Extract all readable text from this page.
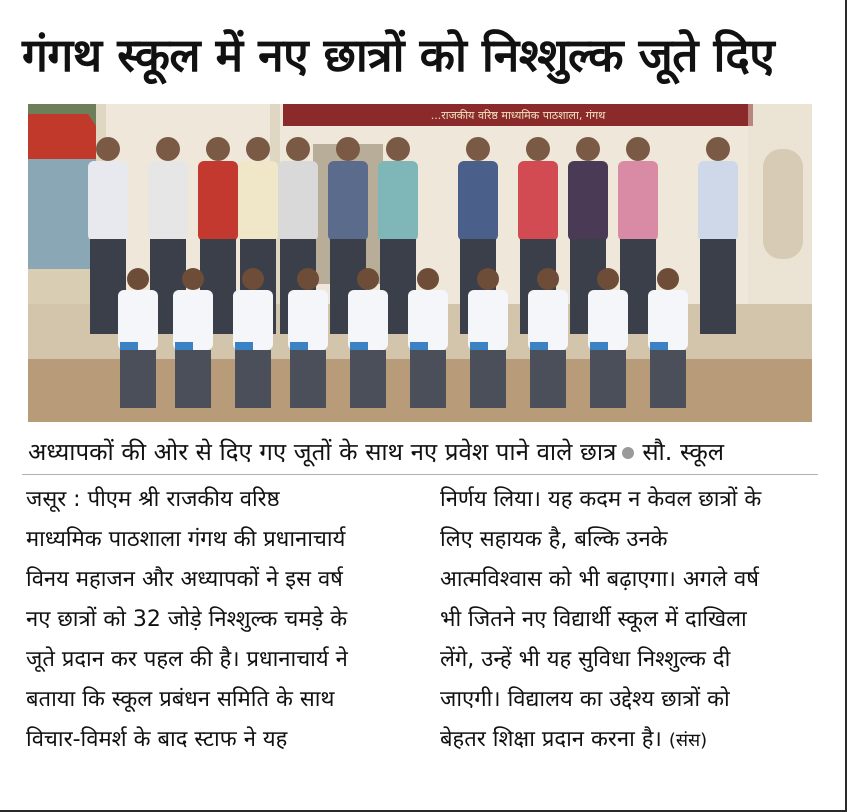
गंगथ स्कूल में नए छात्रों को निश्शुल्क जूते दिए
...राजकीय वरिष्ठ माध्यमिक पाठशाला, गंगथ
अध्यापकों की ओर से दिए गए जूतों के साथ नए प्रवेश पाने वाले छात्र सौ. स्कूल
जसूर : पीएम श्री राजकीय वरिष्ठ
माध्यमिक पाठशाला गंगथ की प्रधानाचार्य
विनय महाजन और अध्यापकों ने इस वर्ष
नए छात्रों को 32 जोड़े निश्शुल्क चमड़े के
जूते प्रदान कर पहल की है। प्रधानाचार्य ने
बताया कि स्कूल प्रबंधन समिति के साथ
विचार-विमर्श के बाद स्टाफ ने यह
निर्णय लिया। यह कदम न केवल छात्रों के
लिए सहायक है, बल्कि उनके
आत्मविश्वास को भी बढ़ाएगा। अगले वर्ष
भी जितने नए विद्यार्थी स्कूल में दाखिला
लेंगे, उन्हें भी यह सुविधा निश्शुल्क दी
जाएगी। विद्यालय का उद्देश्य छात्रों को
बेहतर शिक्षा प्रदान करना है। (संस)
